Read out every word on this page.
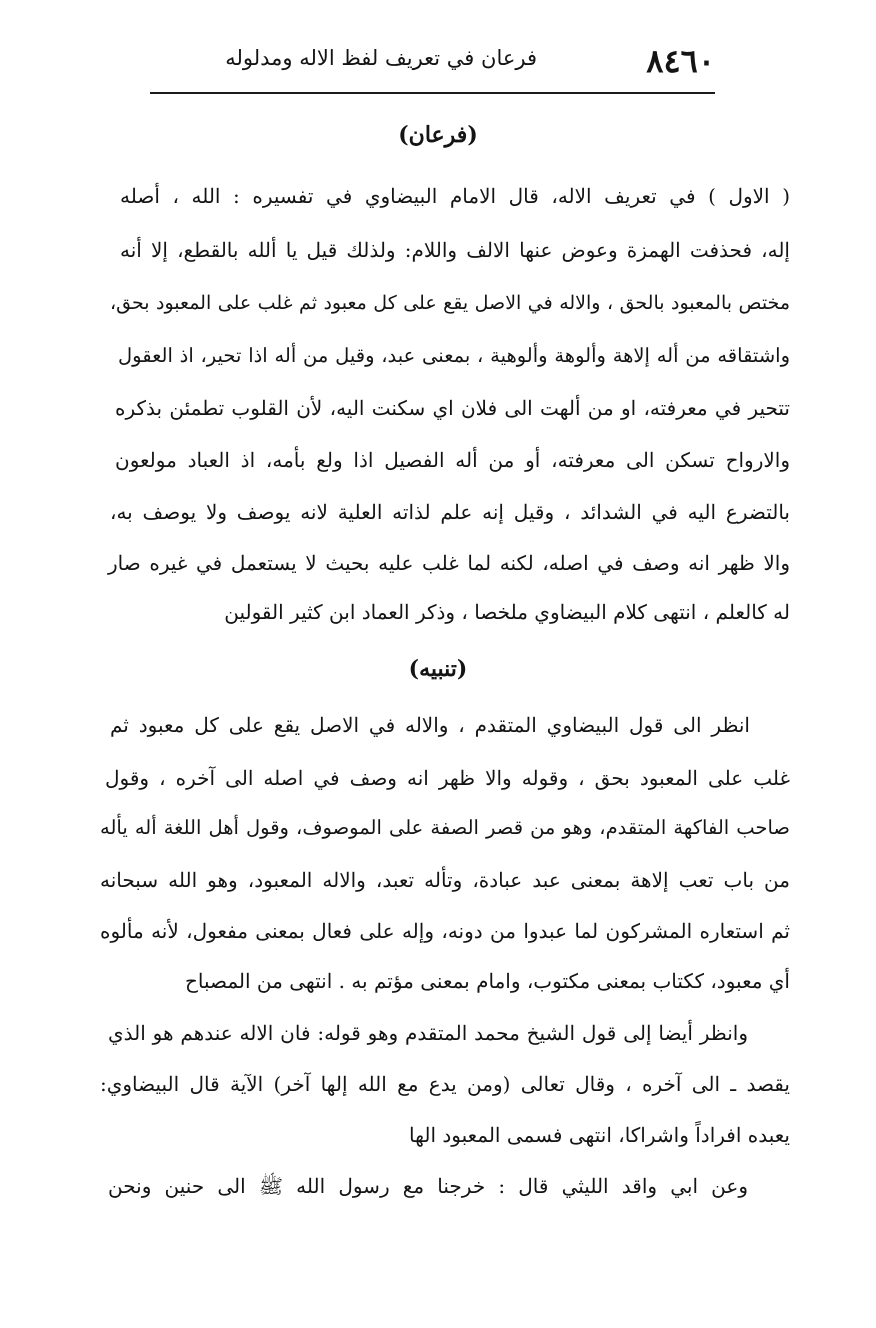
فرعان في تعريف لفظ الاله ومدلوله	٨٤٦٠
(فرعان)
( الاول ) في تعريف الاله، قال الامام البيضاوي في تفسيره : الله ، أصله
إله، فحذفت الهمزة وعوض عنها الالف واللام: ولذلك قيل يا ألله بالقطع، إلا أنه
مختص بالمعبود بالحق ، والاله في الاصل يقع على كل معبود ثم غلب على المعبود بحق،
واشتقاقه من أله إلاهة وألوهة وألوهية ، بمعنى عبد، وقيل من أله اذا تحير، اذ العقول
تتحير في معرفته، او من ألهت الى فلان اي سكنت اليه، لأن القلوب تطمئن بذكره
والارواح تسكن الى معرفته، أو من أله الفصيل اذا ولع بأمه، اذ العباد مولعون
بالتضرع اليه في الشدائد ، وقيل إنه علم لذاته العلية لانه يوصف ولا يوصف به،
والا ظهر انه وصف في اصله، لكنه لما غلب عليه بحيث لا يستعمل في غيره صار
له كالعلم ، انتهى كلام البيضاوي ملخصا ، وذكر العماد ابن كثير القولين
(تنبيه)
انظر الى قول البيضاوي المتقدم ، والاله في الاصل يقع على كل معبود ثم
غلب على المعبود بحق ، وقوله والا ظهر انه وصف في اصله الى آخره ، وقول
صاحب الفاكهة المتقدم، وهو من قصر الصفة على الموصوف، وقول أهل اللغة أله يأله
من باب تعب إلاهة بمعنى عبد عبادة، وتأله تعبد، والاله المعبود، وهو الله سبحانه
ثم استعاره المشركون لما عبدوا من دونه، وإله على فعال بمعنى مفعول، لأنه مألوه
أي معبود، ككتاب بمعنى مكتوب، وامام بمعنى مؤتم به . انتهى من المصباح
وانظر أيضا إلى قول الشيخ محمد المتقدم وهو قوله: فان الاله عندهم هو الذي
يقصد ـ الى آخره ، وقال تعالى (ومن يدع مع الله إلها آخر) الآية قال البيضاوي:
يعبده افراداً واشراكا، انتهى فسمى المعبود الها
وعن ابي واقد الليثي قال : خرجنا مع رسول الله ﷺ الى حنين ونحن
